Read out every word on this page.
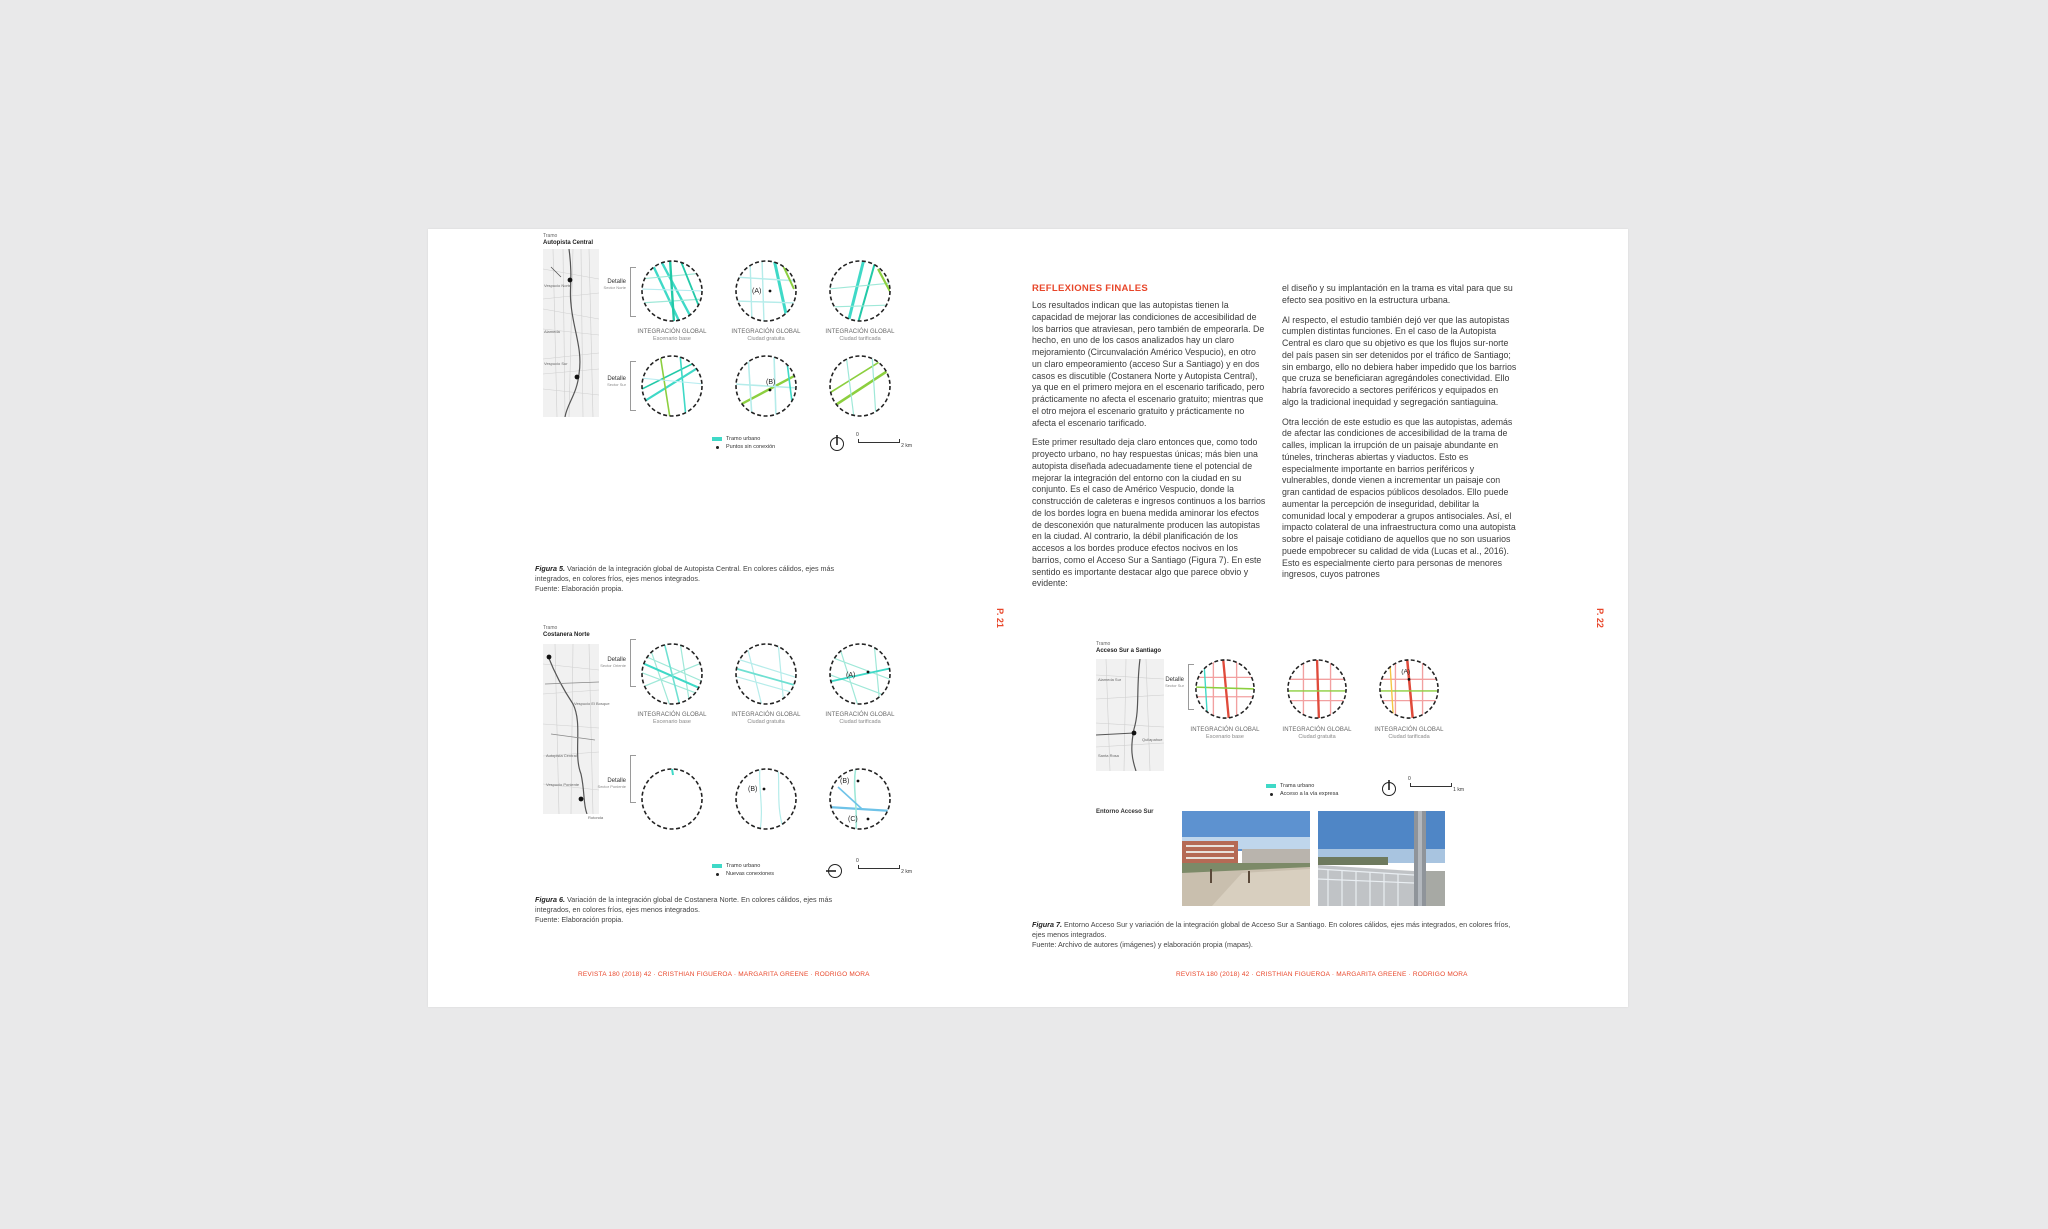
Tramo
Autopista Central
Vespucio Norte
Alameda
Vespucio Sur
Detalle
Sector Norte
Detalle
Sector Sur
(A)
INTEGRACIÓN GLOBAL
Escenario base
INTEGRACIÓN GLOBAL
Ciudad gratuita
INTEGRACIÓN GLOBAL
Ciudad tarificada
(B)
Tramo urbano
Puntos sin conexión
0
2 km
Figura 5. Variación de la integración global de Autopista Central. En colores cálidos, ejes más integrados, en colores fríos, ejes menos integrados.
Fuente: Elaboración propia.
Tramo
Costanera Norte
Vespucio El Bosque
Autopista Central
Vespucio Poniente
Rotonda
Detalle
Sector Oriente
Detalle
Sector Poniente
(A)
INTEGRACIÓN GLOBAL
Escenario base
INTEGRACIÓN GLOBAL
Ciudad gratuita
INTEGRACIÓN GLOBAL
Ciudad tarificada
(B)
(B)
(C)
Tramo urbano
Nuevas conexiones
0
2 km
Figura 6. Variación de la integración global de Costanera Norte. En colores cálidos, ejes más integrados, en colores fríos, ejes menos integrados.
Fuente: Elaboración propia.
P. 21
REVISTA 180 (2018) 42 · CRISTHIAN FIGUEROA · MARGARITA GREENE · RODRIGO MORA
REFLEXIONES FINALES

Los resultados indican que las autopistas tienen la capacidad de mejorar las condiciones de accesibilidad de los barrios que atraviesan, pero también de empeorarla. De hecho, en uno de los casos analizados hay un claro mejoramiento (Circunvalación Américo Vespucio), en otro un claro empeoramiento (acceso Sur a Santiago) y en dos casos es discutible (Costanera Norte y Autopista Central), ya que en el primero mejora en el escenario tarificado, pero prácticamente no afecta el escenario gratuito; mientras que el otro mejora el escenario gratuito y prácticamente no afecta el escenario tarificado.

Este primer resultado deja claro entonces que, como todo proyecto urbano, no hay respuestas únicas; más bien una autopista diseñada adecuadamente tiene el potencial de mejorar la integración del entorno con la ciudad en su conjunto. Es el caso de Américo Vespucio, donde la construcción de caleteras e ingresos continuos a los barrios de los bordes logra en buena medida aminorar los efectos de desconexión que naturalmente producen las autopistas en la ciudad. Al contrario, la débil planificación de los accesos a los bordes produce efectos nocivos en los barrios, como el Acceso Sur a Santiago (Figura 7). En este sentido es importante destacar algo que parece obvio y evidente:

el diseño y su implantación en la trama es vital para que su efecto sea positivo en la estructura urbana.

Al respecto, el estudio también dejó ver que las autopistas cumplen distintas funciones. En el caso de la Autopista Central es claro que su objetivo es que los flujos sur-norte del país pasen sin ser detenidos por el tráfico de Santiago; sin embargo, ello no debiera haber impedido que los barrios que cruza se beneficiaran agregándoles conectividad. Ello habría favorecido a sectores periféricos y equipados en algo la tradicional inequidad y segregación santiaguina.

Otra lección de este estudio es que las autopistas, además de afectar las condiciones de accesibilidad de la trama de calles, implican la irrupción de un paisaje abundante en túneles, trincheras abiertas y viaductos. Esto es especialmente importante en barrios periféricos y vulnerables, donde vienen a incrementar un paisaje con gran cantidad de espacios públicos desolados. Ello puede aumentar la percepción de inseguridad, debilitar la comunidad local y empoderar a grupos antisociales. Así, el impacto colateral de una infraestructura como una autopista sobre el paisaje cotidiano de aquellos que no son usuarios puede empobrecer su calidad de vida (Lucas et al., 2016). Esto es especialmente cierto para personas de menores ingresos, cuyos patrones

Tramo
Acceso Sur a Santiago
Alameda Sur
Quilapahue
Santa Rosa
Detalle
Sector Sur
(A)
INTEGRACIÓN GLOBAL
Escenario base
INTEGRACIÓN GLOBAL
Ciudad gratuita
INTEGRACIÓN GLOBAL
Ciudad tarificada
Trama urbano
Acceso a la vía expresa
0
1 km
Entorno Acceso Sur
Figura 7. Entorno Acceso Sur y variación de la integración global de Acceso Sur a Santiago. En colores cálidos, ejes más integrados, en colores fríos, ejes menos integrados.
Fuente: Archivo de autores (imágenes) y elaboración propia (mapas).
P. 22
REVISTA 180 (2018) 42 · CRISTHIAN FIGUEROA · MARGARITA GREENE · RODRIGO MORA
